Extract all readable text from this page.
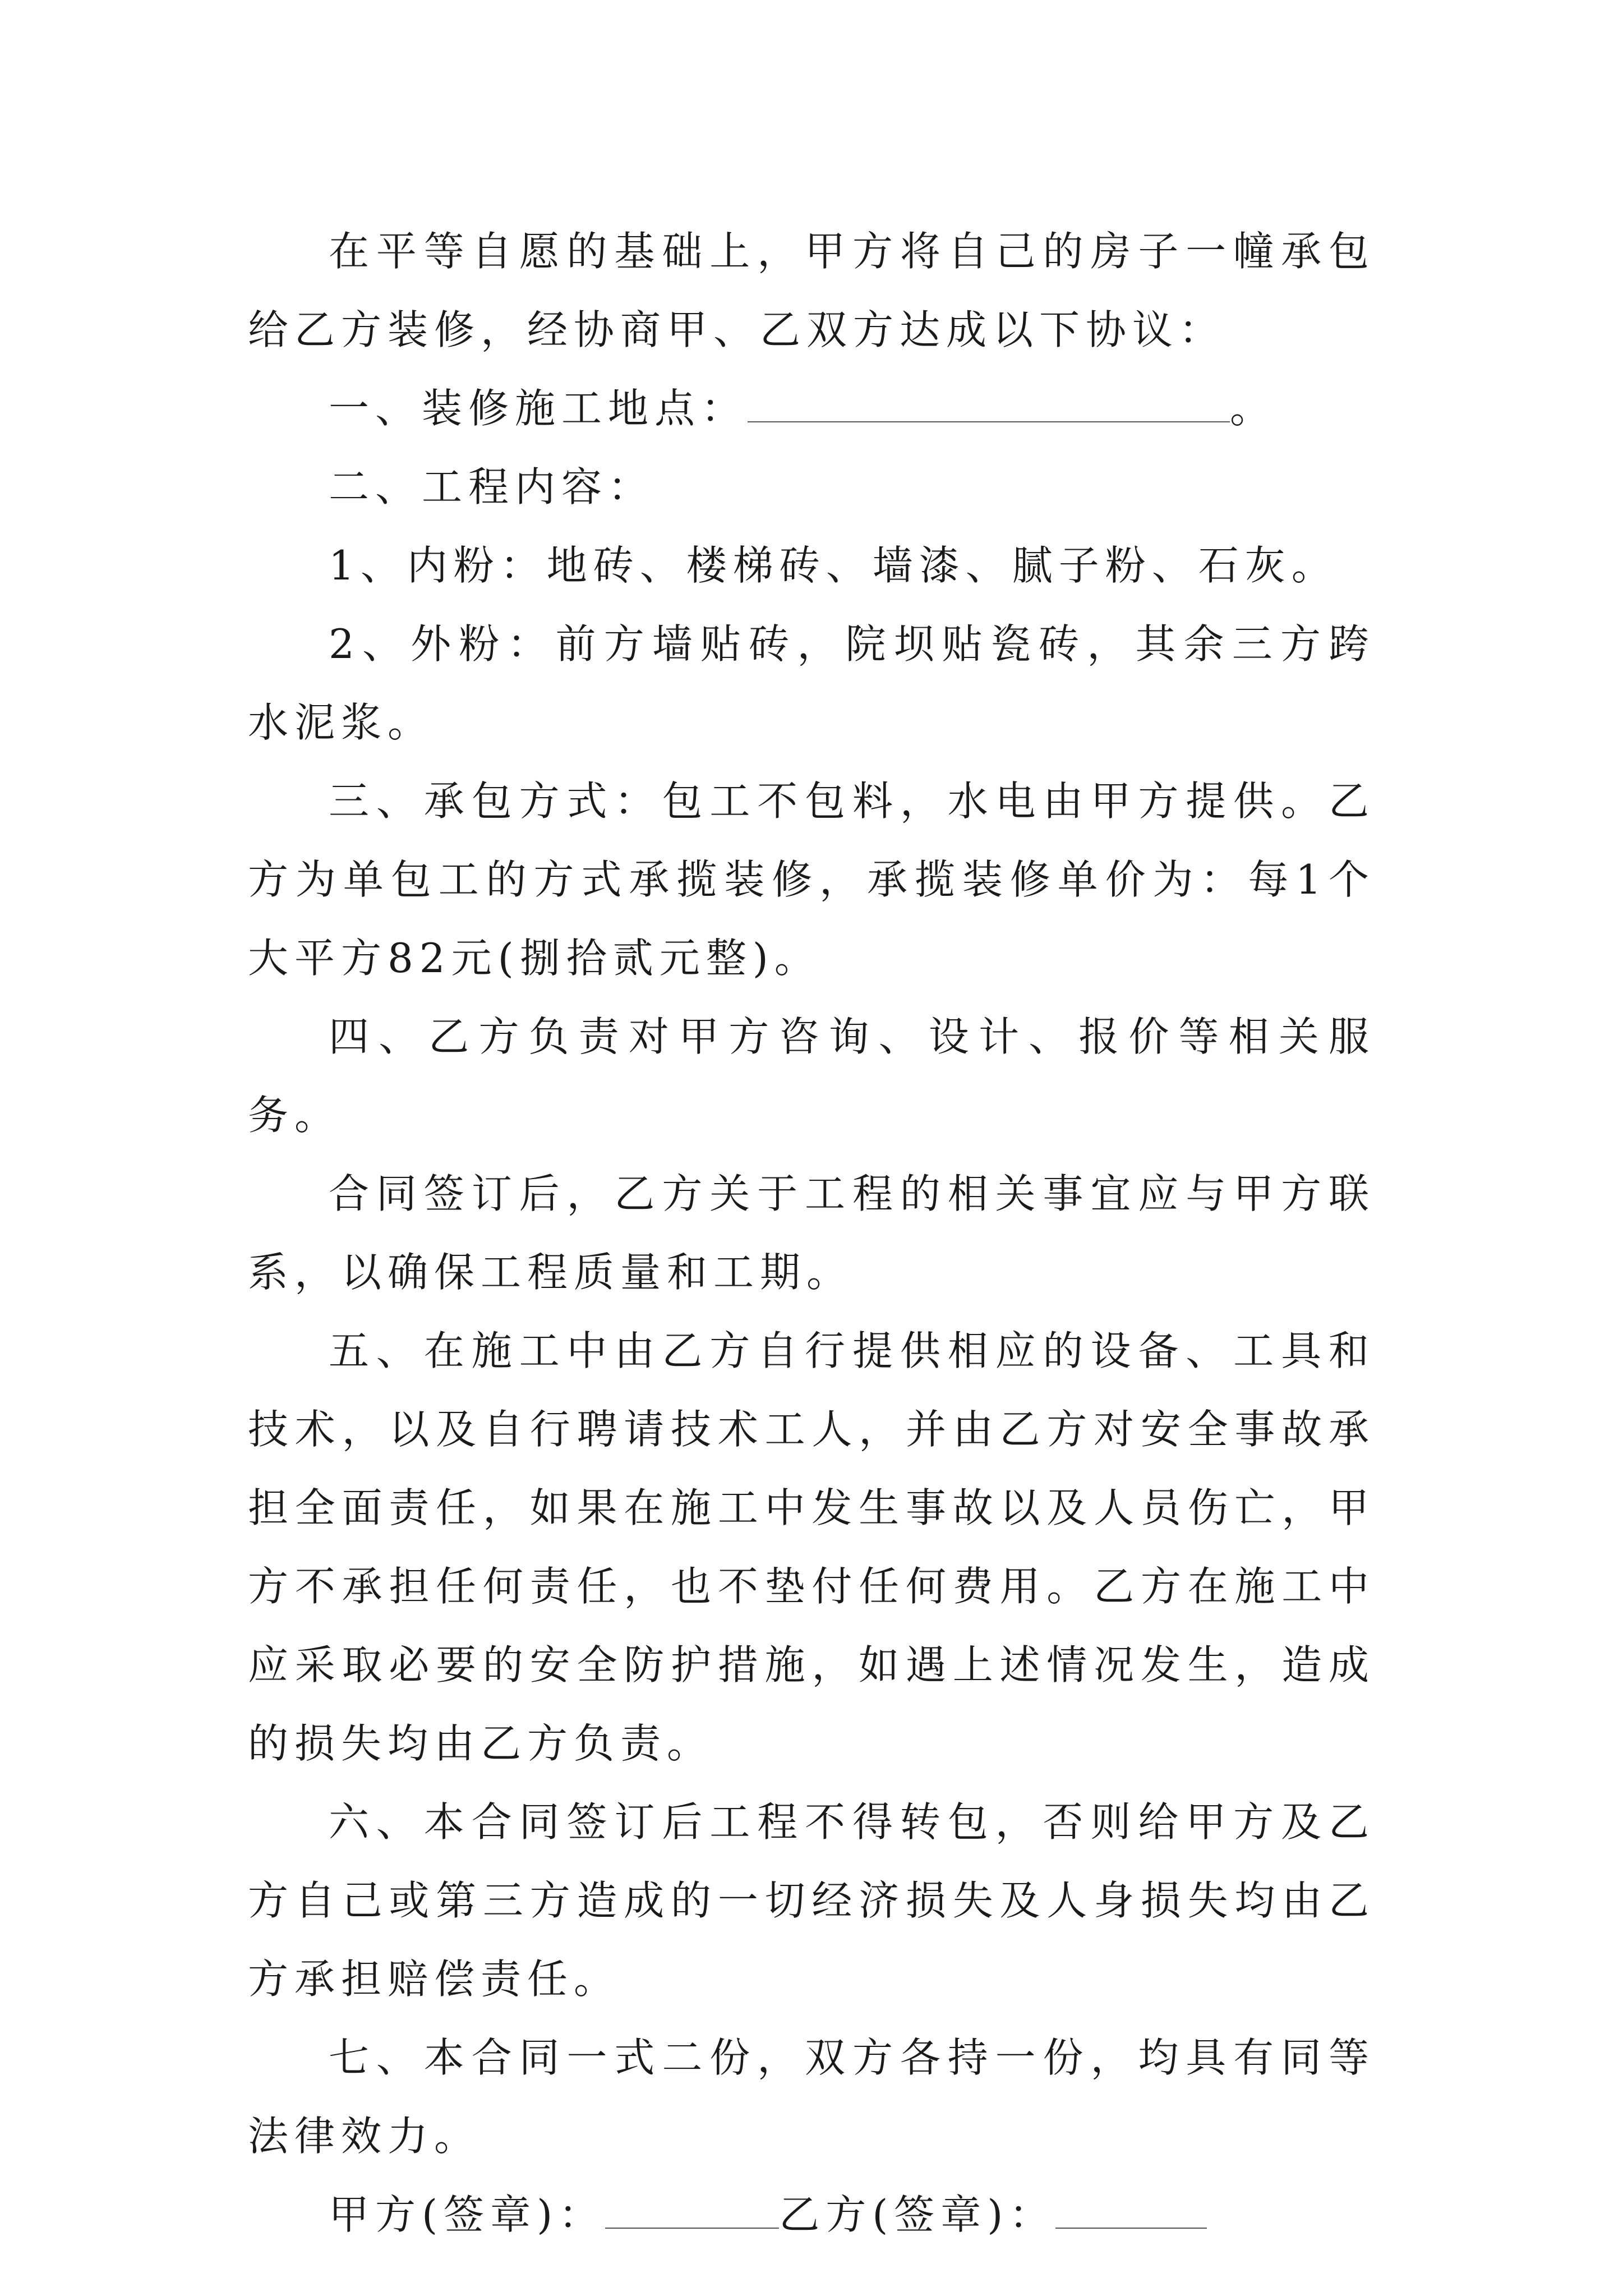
在平等自愿的基础上，甲方将自己的房子一幢承包给乙方装修，经协商甲、乙双方达成以下协议：

一、装修施工地点：	。

二、工程内容：

1、内粉：地砖、楼梯砖、墙漆、腻子粉、石灰。

2、外粉：前方墙贴砖，院坝贴瓷砖，其余三方跨水泥浆。

三、承包方式：包工不包料，水电由甲方提供。乙方为单包工的方式承揽装修，承揽装修单价为：每1个大平方82元(捌拾贰元整)。

四、乙方负责对甲方咨询、设计、报价等相关服务。

合同签订后，乙方关于工程的相关事宜应与甲方联系，以确保工程质量和工期。

五、在施工中由乙方自行提供相应的设备、工具和技术，以及自行聘请技术工人，并由乙方对安全事故承担全面责任，如果在施工中发生事故以及人员伤亡，甲方不承担任何责任，也不垫付任何费用。乙方在施工中应采取必要的安全防护措施，如遇上述情况发生，造成的损失均由乙方负责。

六、本合同签订后工程不得转包，否则给甲方及乙方自己或第三方造成的一切经济损失及人身损失均由乙方承担赔偿责任。

七、本合同一式二份，双方各持一份，均具有同等法律效力。

甲方(签章)：	乙方(签章)：
